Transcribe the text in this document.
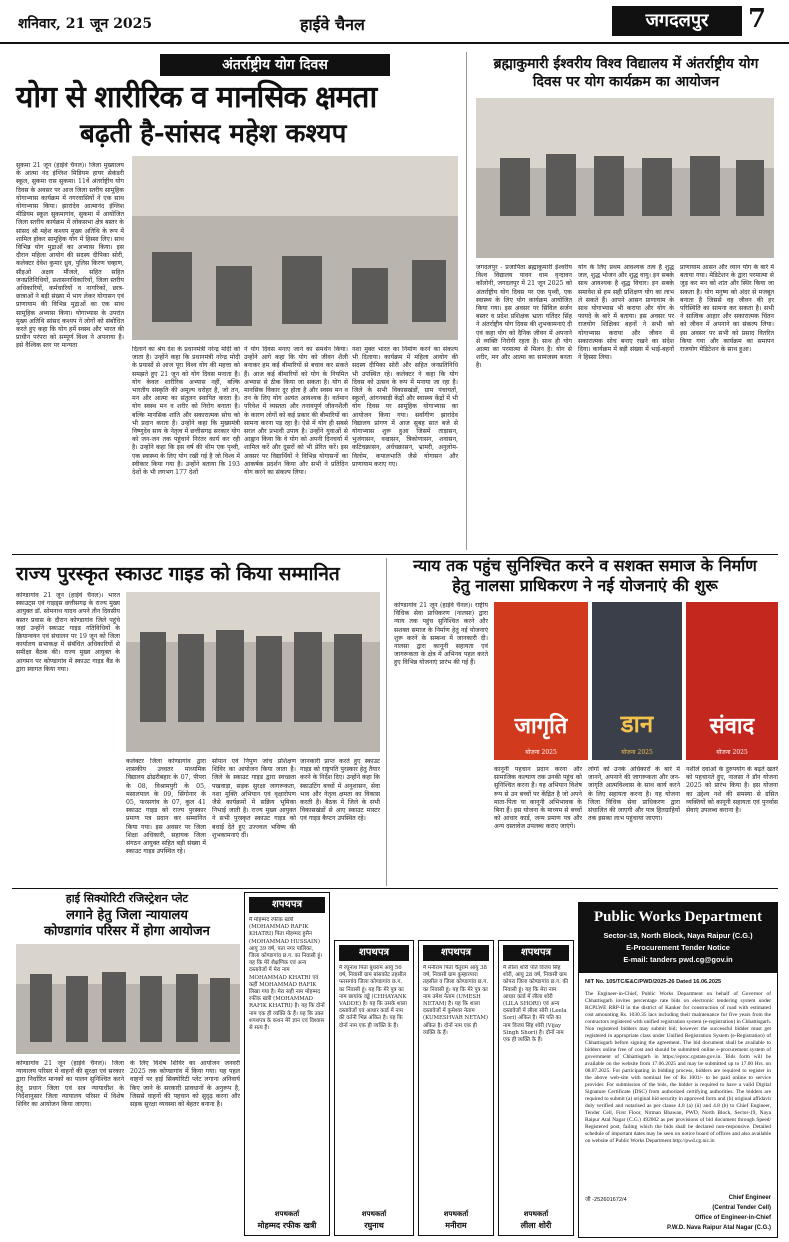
शनिवार, 21 जून 2025	हाईवे चैनल	जगदलपुर	7
अंतर्राष्ट्रीय योग दिवस
योग से शारीरिक व मानसिक क्षमता
बढ़ती है-सांसद महेश कश्यप
सुकमा 21 जून (हाईवे चैनल)। जिला मुख्यालय के आत्मा नंद इंग्लिश मिडियम हायर सेकंडरी स्कूल, सुकमा रास सुकमा। 11वें अंतर्राष्ट्रीय योग दिवस के अवसर पर आज जिला स्तरीय सामूहिक योगाभ्यास कार्यक्रम में नगरवासियों ने एक साथ योगाभ्यास किया। झारांदेव आत्मानंद इंग्लिश मीडियम स्कूल सुकमागांव, सुकमा में आयोजित जिला स्तरीय कार्यक्रम में लोकसभा क्षेत्र बस्तर के सांसद श्री महेश कश्यप मुख्य अतिथि के रूप में शामिल होकर सामूहिक योग में हिस्सा लिए। साथ विभिन्न योग मुद्राओं का अभ्यास किया। इस दौरान महिला आयोग की सदस्य दीपिका सोरी, कलेक्टर देवेश कुमार ध्रुव, पुलिस किरण चव्हाण, सीइओ अक्षय मौंजले, सहित सहित जनप्रतिनिधियों, प्रशासनाधिकारियों, जिला स्तरीय अधिकारियों, कर्मचारियों व नागरिकों, छात्र-छात्राओं ने बड़ी संख्या में भाग लेकर योगासन एवं प्राणायाम की विभिन्न मुद्राओं का एक साथ सामूहिक अभ्यास किया। योगाभ्यास के उपरांत मुख्य अतिथि सांसद कश्यप ने लोगों को संबोधित करते हुए कहा कि योग हमें स्वस्थ और भारत की प्राचीन परंपरा को सम्पूर्ण विश्व ने अपनाया है। इसे वैश्विक स्तर पर मान्यता
दिलाने का श्रेय देश के प्रधानमंत्री नरेन्द्र मोदी को जाता है। उन्होंने कहा कि प्रधानमंत्री नरेन्द्र मोदी के प्रयासों से आज पूरा विश्व योग की महत्ता को समझते हुए 21 जून को योग दिवस मनाता है। योग केवल शारीरिक अभ्यास नहीं, बल्कि भारतीय संस्कृति की अमूल्य धरोहर है, जो तन, मन और आत्मा का संतुलन स्थापित करता है। योग स्वस्थ मन व शरीर को निरोग बनाता है। बल्कि मानसिक शांति और सकारात्मक सोच को भी प्रदान करता है। उन्होंने कहा कि मुख्यमंत्री विष्णुदेव साय के नेतृत्व में छत्तीसगढ़ सरकार योग को जन-जन तक पहुंचाने निरंतर कार्य कर रही है। उन्होंने कहा कि इस वर्ष की थीम एक पृथ्वी, एक स्वास्थ्य के लिए योग रखी गई है जो विश्व में स्वीकार किया गया है। उन्होंने बताया कि 193 देशों के भी लगभग 177 देशों
ने योग दिवस मनाए जाने का समर्थन किया। उन्होंने आगे कहा कि योग को जीवन शैली बनाकर हम कई बीमारियों से बचाव कर सकते हैं। आज कई बीमारियों को योग के नियमित अभ्यास से ठीक किया जा सकता है। योग से मानसिक विकार दूर होता है और स्वस्थ मन व तन के लिए योग अत्यंत आवश्यक है। वर्तमान परिवेश में व्यस्तता और तनावपूर्ण जीवनशैली के कारण लोगों को कई प्रकार की बीमारियों का सामना करना पड़ रहा है। ऐसे में योग ही सबसे सरल और प्रभावी उपाय है। उन्होंने युवाओं से आह्वान किया कि वे योग को अपनी दिनचर्या में शामिल करें और दूसरों को भी प्रेरित करें। इस अवसर पर विद्यार्थियों ने विभिन्न योगासनों का आकर्षक प्रदर्शन किया और सभी ने प्रतिदिन योग करने का संकल्प लिया।
नशा मुक्त भारत का निर्माण करने का संकल्प भी दिलाया। कार्यक्रम में महिला आयोग की सदस्य दीपिका सोरी और सहित जनप्रतिनिधि भी उपस्थित रहे। कलेक्टर ने कहा कि योग दिवस को उत्सव के रूप में मनाया जा रहा है। जिले के सभी विकासखंडों, ग्राम पंचायतों, स्कूलों, आंगनबाड़ी केंद्रों और स्वास्थ्य केंद्रों में भी योग दिवस पर सामूहिक योगाभ्यास का आयोजन किया गया। सर्वांगीण झारांदेव विद्यालय प्रांगण में आज सुबह सात बजे से योगाभ्यास शुरू हुआ जिसमें ताड़ासन, भुजंगासन, वज्रासन, त्रिकोणासन, शवासन, कटिचक्रासन, अर्धचक्रासन, भ्रामरी, अनुलोम-विलोम, कपालभाति जैसे योगासन और प्राणायाम कराए गए।
ब्रह्माकुमारी ईश्वरीय विश्व विद्यालय में अंतर्राष्ट्रीय योग दिवस पर योग कार्यक्रम का आयोजन
जगदलपुर - प्रजापिता ब्रह्माकुमारी ईश्वरीय विश्व विद्यालय पावन धाम वृन्दावन कॉलोनी, जगदलपुर में 21 जून 2025 को अंतर्राष्ट्रीय योग दिवस पर एक पृथ्वी, एक स्वास्थ्य के लिए योग कार्यक्रम आयोजित किया गया। इस अवसर पर सिविल सर्जन बस्तर व प्रदेश प्रशिक्षक भ्राता यतिंदर सिंह ने अंतर्राष्ट्रीय योग दिवस की शुभकामनाएं दी एवं कहा योग को दैनिक जीवन में अपनाने से व्यक्ति निरोगी रहता है। साथ ही योग आत्मा का परमात्मा से मिलन है। योग से शरीर, मन और आत्मा का सामंजस्य बनता है।
योग के लिए प्रथम आवश्यक तत्व है शुद्ध जल, शुद्ध भोजन और शुद्ध वायु। इन सबके साथ आवश्यक है शुद्ध विचार। इन सबके समावेश से हम सही प्रशिक्षण योग का लाभ ले सकते हैं। आपने आसन प्राणायाम के साथ योगाभ्यास भी कराया और योग के फायदे के बारे में बताया। इस अवसर पर राजयोग शिक्षिका बहनों ने सभी को योगाभ्यास कराया और जीवन में सकारात्मक सोच बनाए रखने का संदेश दिया। कार्यक्रम में बड़ी संख्या में भाई-बहनों ने हिस्सा लिया।
प्राणायाम आसन और ध्यान योग के बारे में बताया गया। मेडिटेशन के द्वारा परमात्मा से जुड़ कर मन को शांत और स्थिर किया जा सकता है। योग मनुष्य को अंदर से मजबूत बनाता है जिससे वह जीवन की हर परिस्थिति का सामना कर सकता है। सभी ने सात्विक आहार और सकारात्मक चिंतन को जीवन में अपनाने का संकल्प लिया। इस अवसर पर सभी को प्रसाद वितरित किया गया और कार्यक्रम का समापन राजयोग मेडिटेशन के साथ हुआ।
राज्य पुरस्कृत स्काउट गाइड को किया सम्मानित
कोण्डागांव 21 जून (हाईवे चैनल)। भारत स्काउट्स एवं गाइड्स छत्तीसगढ़ के राज्य मुख्य आयुक्त डॉ. सोमनाथ यादव अपने तीन दिवसीय बस्तर प्रवास के दौरान कोण्डागांव जिले पहुंचे जहां उन्होंने स्काउट गाइड गतिविधियों के क्रियान्वयन एवं संचालन पर 19 जून को जिला कार्यालय सभाकक्ष में संबंधित अधिकारियों से समीक्षा बैठक की। राज्य मुख्य आयुक्त के आगमन पर कोण्डागांव में स्काउट गाइड बैंड के द्वारा स्वागत किया गया।
कलेक्टर जिला कोण्डागांव द्वारा शासकीय उच्चतर माध्यमिक विद्यालय ढोढरीबहार के 07, पीपरा के 08, विश्रामपुरी के 05, मसालपाल के 09, सिंगोनार के 05, फरसगांव के 07, कुल 41 स्काउट गाइड को राज्य पुरस्कार प्रमाण पत्र प्रदान कर सम्मानित किया गया। इस अवसर पर जिला शिक्षा अधिकारी, सहायक जिला संगठन आयुक्त सहित बड़ी संख्या में स्काउट गाइड उपस्थित रहे।
सोपान एवं निपुण जांच प्रशिक्षण शिविर का आयोजन किया जाता है। जिले के स्काउट गाइड द्वारा स्वच्छता पखवाड़ा, सड़क सुरक्षा जागरूकता, नशा मुक्ति अभियान एवं वृक्षारोपण जैसे कार्यक्रमों में सक्रिय भूमिका निभाई जाती है। राज्य मुख्य आयुक्त ने सभी पुरस्कृत स्काउट गाइड को बधाई देते हुए उज्ज्वल भविष्य की शुभकामनाएं दीं।
जानकारी प्राप्त करते हुए स्काउट गाइड को राष्ट्रपति पुरस्कार हेतु तैयार करने के निर्देश दिए। उन्होंने कहा कि स्काउटिंग बच्चों में अनुशासन, सेवा भाव और नेतृत्व क्षमता का विकास करती है। बैठक में जिले के सभी विकासखंडों से आए स्काउट मास्टर एवं गाइड कैप्टन उपस्थित रहे।
न्याय तक पहुंच सुनिश्चित करने व सशक्त समाज के निर्माण
हेतु नालसा प्राधिकरण ने नई योजनाएं की शुरू
कोण्डागांव 21 जून (हाईवे चैनल)। राष्ट्रीय विधिक सेवा प्राधिकरण (नालसा) द्वारा न्याय तक पहुंच सुनिश्चित करने और सशक्त समाज के निर्माण हेतु नई योजनाएं शुरू करने के सम्बन्ध में जानकारी दी। नालसा द्वारा कानूनी सहायता एवं जागरूकता के क्षेत्र में अभिनव पहल करते हुए विभिन्न योजनाएं प्रारंभ की गई हैं।
जागृति
योजना 2025
डान
योजना 2025
संवाद
योजना 2025
कानूनी पहचान प्रदान करना और सामाजिक कल्याण तक उनकी पहुंच को सुनिश्चित करना है। यह अभियान विशेष रूप से उन बच्चों पर केंद्रित है जो अपने माता-पिता या कानूनी अभिभावक के बिना हैं। इस योजना के माध्यम से बच्चों को आधार कार्ड, जन्म प्रमाण पत्र और अन्य दस्तावेज उपलब्ध कराए जाएंगे।
लोगों को उनके अधिकारों के बारे में जानने, अपनाने की जागरूकता और जन-जागृति आत्मविश्वास के साथ कार्य करने के लिए सहायता करना है। यह योजना जिला विधिक सेवा प्राधिकरण द्वारा संचालित की जाएगी और पात्र हितग्राहियों तक इसका लाभ पहुंचाया जाएगा।
नशीले दवाओं के दुरुपयोग के बढ़ते खतरे को पहचानते हुए, नालसा ने डॉन योजना 2025 को प्रारंभ किया है। इस योजना का उद्देश्य नशे की समस्या से ग्रसित व्यक्तियों को कानूनी सहायता एवं पुनर्वास सेवाएं उपलब्ध कराना है।
हाई सिक्योरिटी रजिस्ट्रेशन प्लेट
लगाने हेतु जिला न्यायालय
कोण्डागांव परिसर में होगा आयोजन
कोण्डागांव 21 जून (हाईवे चैनल)। जिला न्यायालय परिसर में वाहनों की सुरक्षा एवं सरकार द्वारा निर्धारित मानकों का पालन सुनिश्चित करने हेतु प्रधान जिला एवं सत्र न्यायाधीश के निर्देशानुसार जिला न्यायालय परिसर में विशेष शिविर का आयोजन किया जाएगा।
के लिए विशेष शिविर का आयोजन जनवरी 2025 तक कोण्डागांव में किया गया। यह पहल वाहनों पर हाई सिक्योरिटी प्लेट लगाना अनिवार्य किए जाने के सरकारी प्रावधानों के अनुरूप है, जिससे वाहनों की पहचान को सुदृढ़ करना और सड़क सुरक्षा व्यवस्था को बेहतर बनाना है।
शपथपत्र
मैं मोहम्मद रफीक खत्री (MOHAMMAD RAFIK KHATRI) पिता मोहम्मद हुसैन (MOHAMMAD HUSSAIN) आयु 39 वर्ष, पता नगर पालिका, जिला कोण्डागांव छ.ग. का निवासी हूं। यह कि मेरे शैक्षणिक एवं अन्य दस्तावेजों में मेरा नाम MOHAMMAD KHATRI एवं कहीं MOHAMMAD RAFIK लिखा गया है। मेरा सही नाम मोहम्मद रफीक खत्री (MOHAMMAD RAFIK KHATRI) है। यह कि दोनों नाम एक ही व्यक्ति के हैं। यह कि उक्त शपथपत्र के कथन मेरे ज्ञान एवं विश्वास से सत्य हैं।
शपथकर्ता
मोहम्मद रफीक खत्री
शपथपत्र
मैं रघुनाथ पिता बुधराम आयु 56 वर्ष, निवासी ग्राम बांसकोट तहसील फरसगांव जिला कोण्डागांव छ.ग. का निवासी हूं। यह कि मेरे पुत्र का नाम छायांक वड्डे (CHHAYANK VADDE) है। यह कि उसके शाला दस्तावेजों एवं आधार कार्ड में नाम की वर्तनी भिन्न अंकित है। यह कि दोनों नाम एक ही व्यक्ति के हैं।
शपथकर्ता
रघुनाथ
शपथपत्र
मैं मनीराम पिता चैतुराम आयु 38 वर्ष, निवासी ग्राम कुम्हारपारा तहसील व जिला कोण्डागांव छ.ग. का निवासी हूं। यह कि मेरे पुत्र का नाम उमेश नेताम (UMESH NETAM) है। यह कि शाला दस्तावेजों में कुमेश्वर नेताम (KUMESHVAR NETAM) अंकित है। दोनों नाम एक ही व्यक्ति के हैं।
शपथकर्ता
मनीराम
शपथपत्र
मैं लीला शोरी पति विजय सिंह शोरी, आयु 28 वर्ष, निवासी ग्राम कोपरा जिला कोण्डागांव छ.ग. की निवासी हूं। यह कि मेरा नाम आधार कार्ड में लीला शोरी (LILA SHORI) एवं अन्य दस्तावेजों में लीला सोरी (Leela Sori) अंकित है। मेरे पति का नाम विजय सिंह शोरी (Vijay Singh Shori) है। दोनों नाम एक ही व्यक्ति के हैं।
शपथकर्ता
लीला शोरी
Public Works Department
Sector-19, North Block, Naya Raipur (C.G.)
E-Procurement Tender Notice
E-mail: tanders pwd.cg@gov.in
NIT No. 105/TC/E&C/PWD/2025-26 Dated 16.06.2025
The Engineer-in-Chief, Public Works Department on behalf of Governor of Chhattisgarh invites percentage rate bids on electronic tendering system under RCPLWE RRP-II in the district of Kanker for construction of road with estimated cost amounting Rs. 1030.35 lacs including their maintenance for five years from the contractors registered with unified registration system (e-registration) in Chhattisgarh. Non registered bidders may submit bid; however the successful bidder must get registered in appropriate class under Unified Registration System (e-Registration) of Chhattisgarh before signing the agreement. The bid document shall be available to bidders online free of cost and should be submitted online e-procurement system of government of Chhattisgarh in https://eproc.cgstate.gov.in. Bids form will be available on the website from 17.06.2025 and may be submitted up to 17.00 Hrs. on 08.07.2025. For participating in bidding process, bidders are required to register in the above web-site with nominal fee of Rs 1001/- to be paid online to service provider. For submission of the bids, the bidder is required to have a valid Digital Signature Certificate (DSC) from authorized certifying authorities. The bidders are required to submit (a) original bid security in approved form and (b) original affidavit duly verified and notarised as per clause 4.8 (a) (ii) and 4.8 (b) to Chief Engineer, Tender Cell, First Floor, Nirman Bhawan, PWD, North Block, Sector-19, Naya Raipur Atal Nagar (C.G.) 492002 as per provisions of bid document through Speed/ Registered post, failing which the bids shall be declared non-responsive. Detailed schedule of important dates may be seen on notice board of offices and also available on website of Public Works Department http://pwd.cg.nic.in
जी -252601672/4	Chief Engineer
(Central Tender Cell)
Office of Engineer-in-Chief
P.W.D. Nava Raipur Atal Nagar (C.G.)
